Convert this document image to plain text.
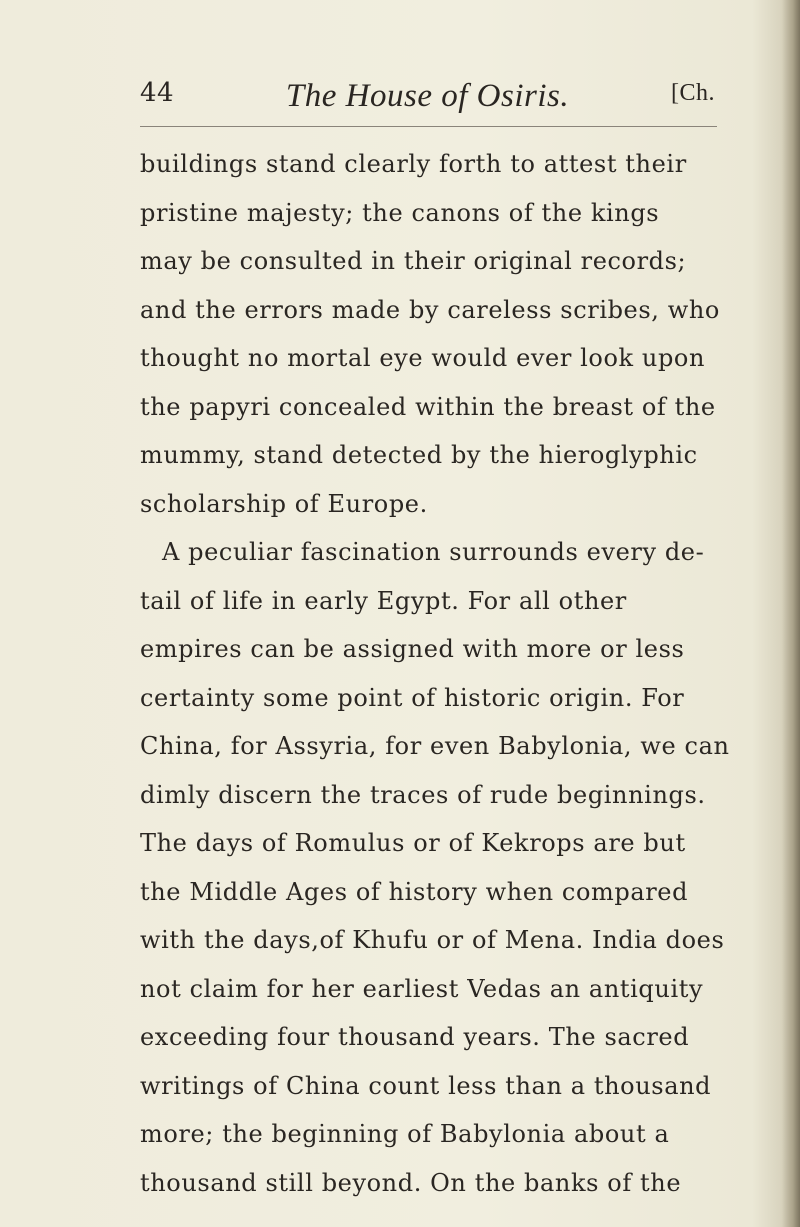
44	The House of Osiris.	[Ch.
buildings stand clearly forth to attest their
pristine majesty; the canons of the kings
may be consulted in their original records;
and the errors made by careless scribes, who
thought no mortal eye would ever look upon
the papyri concealed within the breast of the
mummy, stand detected by the hieroglyphic
scholarship of Europe.
A peculiar fascination surrounds every de-
tail of life in early Egypt. For all other
empires can be assigned with more or less
certainty some point of historic origin. For
China, for Assyria, for even Babylonia, we can
dimly discern the traces of rude beginnings.
The days of Romulus or of Kekrops are but
the Middle Ages of history when compared
with the days,of Khufu or of Mena. India does
not claim for her earliest Vedas an antiquity
exceeding four thousand years. The sacred
writings of China count less than a thousand
more; the beginning of Babylonia about a
thousand still beyond. On the banks of the
